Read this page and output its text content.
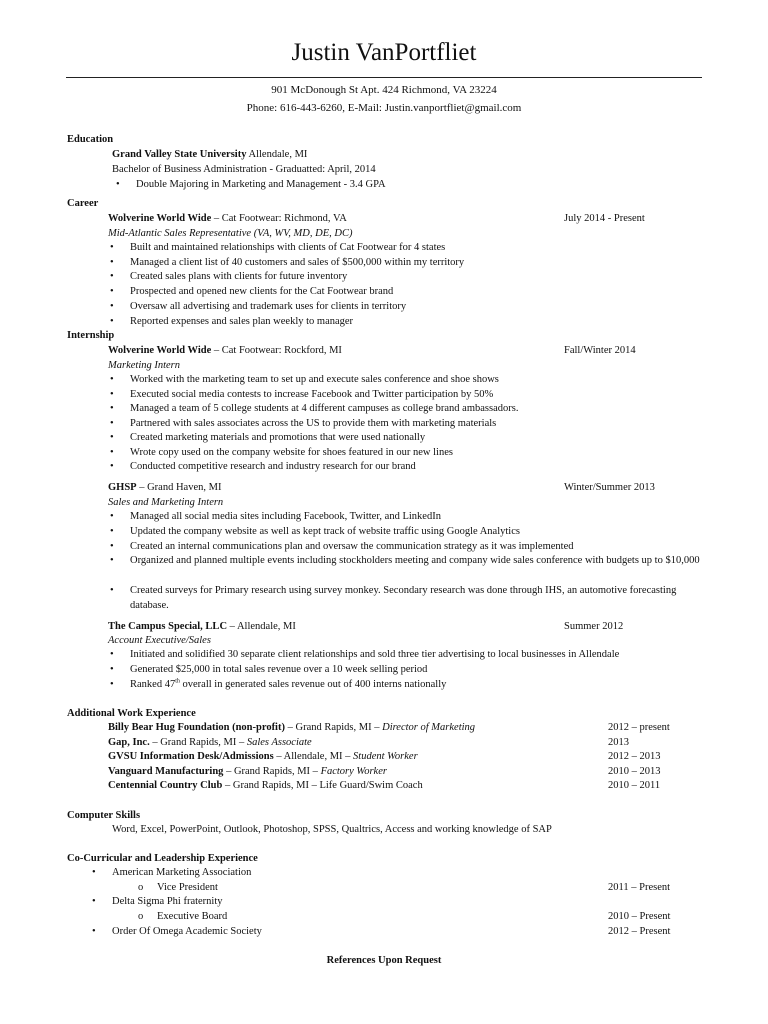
Justin VanPortfliet
901 McDonough St Apt. 424 Richmond, VA 23224
Phone: 616-443-6260, E-Mail: Justin.vanportfliet@gmail.com
Education
Grand Valley State University Allendale, MI
Bachelor of Business Administration - Graduatted: April, 2014
• Double Majoring in Marketing and Management - 3.4 GPA
Career
Wolverine World Wide – Cat Footwear: Richmond, VA	July 2014 - Present
Mid-Atlantic Sales Representative (VA, WV, MD, DE, DC)
• Built and maintained relationships with clients of Cat Footwear for 4 states
• Managed a client list of 40 customers and sales of $500,000 within my territory
• Created sales plans with clients for future inventory
• Prospected and opened new clients for the Cat Footwear brand
• Oversaw all advertising and trademark uses for clients in territory
• Reported expenses and sales plan weekly to manager
Internship
Wolverine World Wide – Cat Footwear: Rockford, MI	Fall/Winter 2014
Marketing Intern
• Worked with the marketing team to set up and execute sales conference and shoe shows
• Executed social media contests to increase Facebook and Twitter participation by 50%
• Managed a team of 5 college students at 4 different campuses as college brand ambassadors.
• Partnered with sales associates across the US to provide them with marketing materials
• Created marketing materials and promotions that were used nationally
• Wrote copy used on the company website for shoes featured in our new lines
• Conducted competitive research and industry research for our brand
GHSP – Grand Haven, MI	Winter/Summer 2013
Sales and Marketing Intern
• Managed all social media sites including Facebook, Twitter, and LinkedIn
• Updated the company website as well as kept track of website traffic using Google Analytics
• Created an internal communications plan and oversaw the communication strategy as it was implemented
• Organized and planned multiple events including stockholders meeting and company wide sales conference with budgets up to $10,000
• Created surveys for Primary research using survey monkey. Secondary research was done through IHS, an automotive forecasting database.
The Campus Special, LLC – Allendale, MI	Summer 2012
Account Executive/Sales
• Initiated and solidified 30 separate client relationships and sold three tier advertising to local businesses in Allendale
• Generated $25,000 in total sales revenue over a 10 week selling period
• Ranked 47th overall in generated sales revenue out of 400 interns nationally
Additional Work Experience
Billy Bear Hug Foundation (non-profit) – Grand Rapids, MI – Director of Marketing	2012 – present
Gap, Inc. – Grand Rapids, MI – Sales Associate	2013
GVSU Information Desk/Admissions – Allendale, MI – Student Worker	2012 – 2013
Vanguard Manufacturing – Grand Rapids, MI – Factory Worker	2010 – 2013
Centennial Country Club – Grand Rapids, MI – Life Guard/Swim Coach	2010 – 2011
Computer Skills
Word, Excel, PowerPoint, Outlook, Photoshop, SPSS, Qualtrics, Access and working knowledge of SAP
Co-Curricular and Leadership Experience
• American Marketing Association
o Vice President	2011 – Present
• Delta Sigma Phi fraternity
o Executive Board	2010 – Present
• Order Of Omega Academic Society	2012 – Present
References Upon Request
